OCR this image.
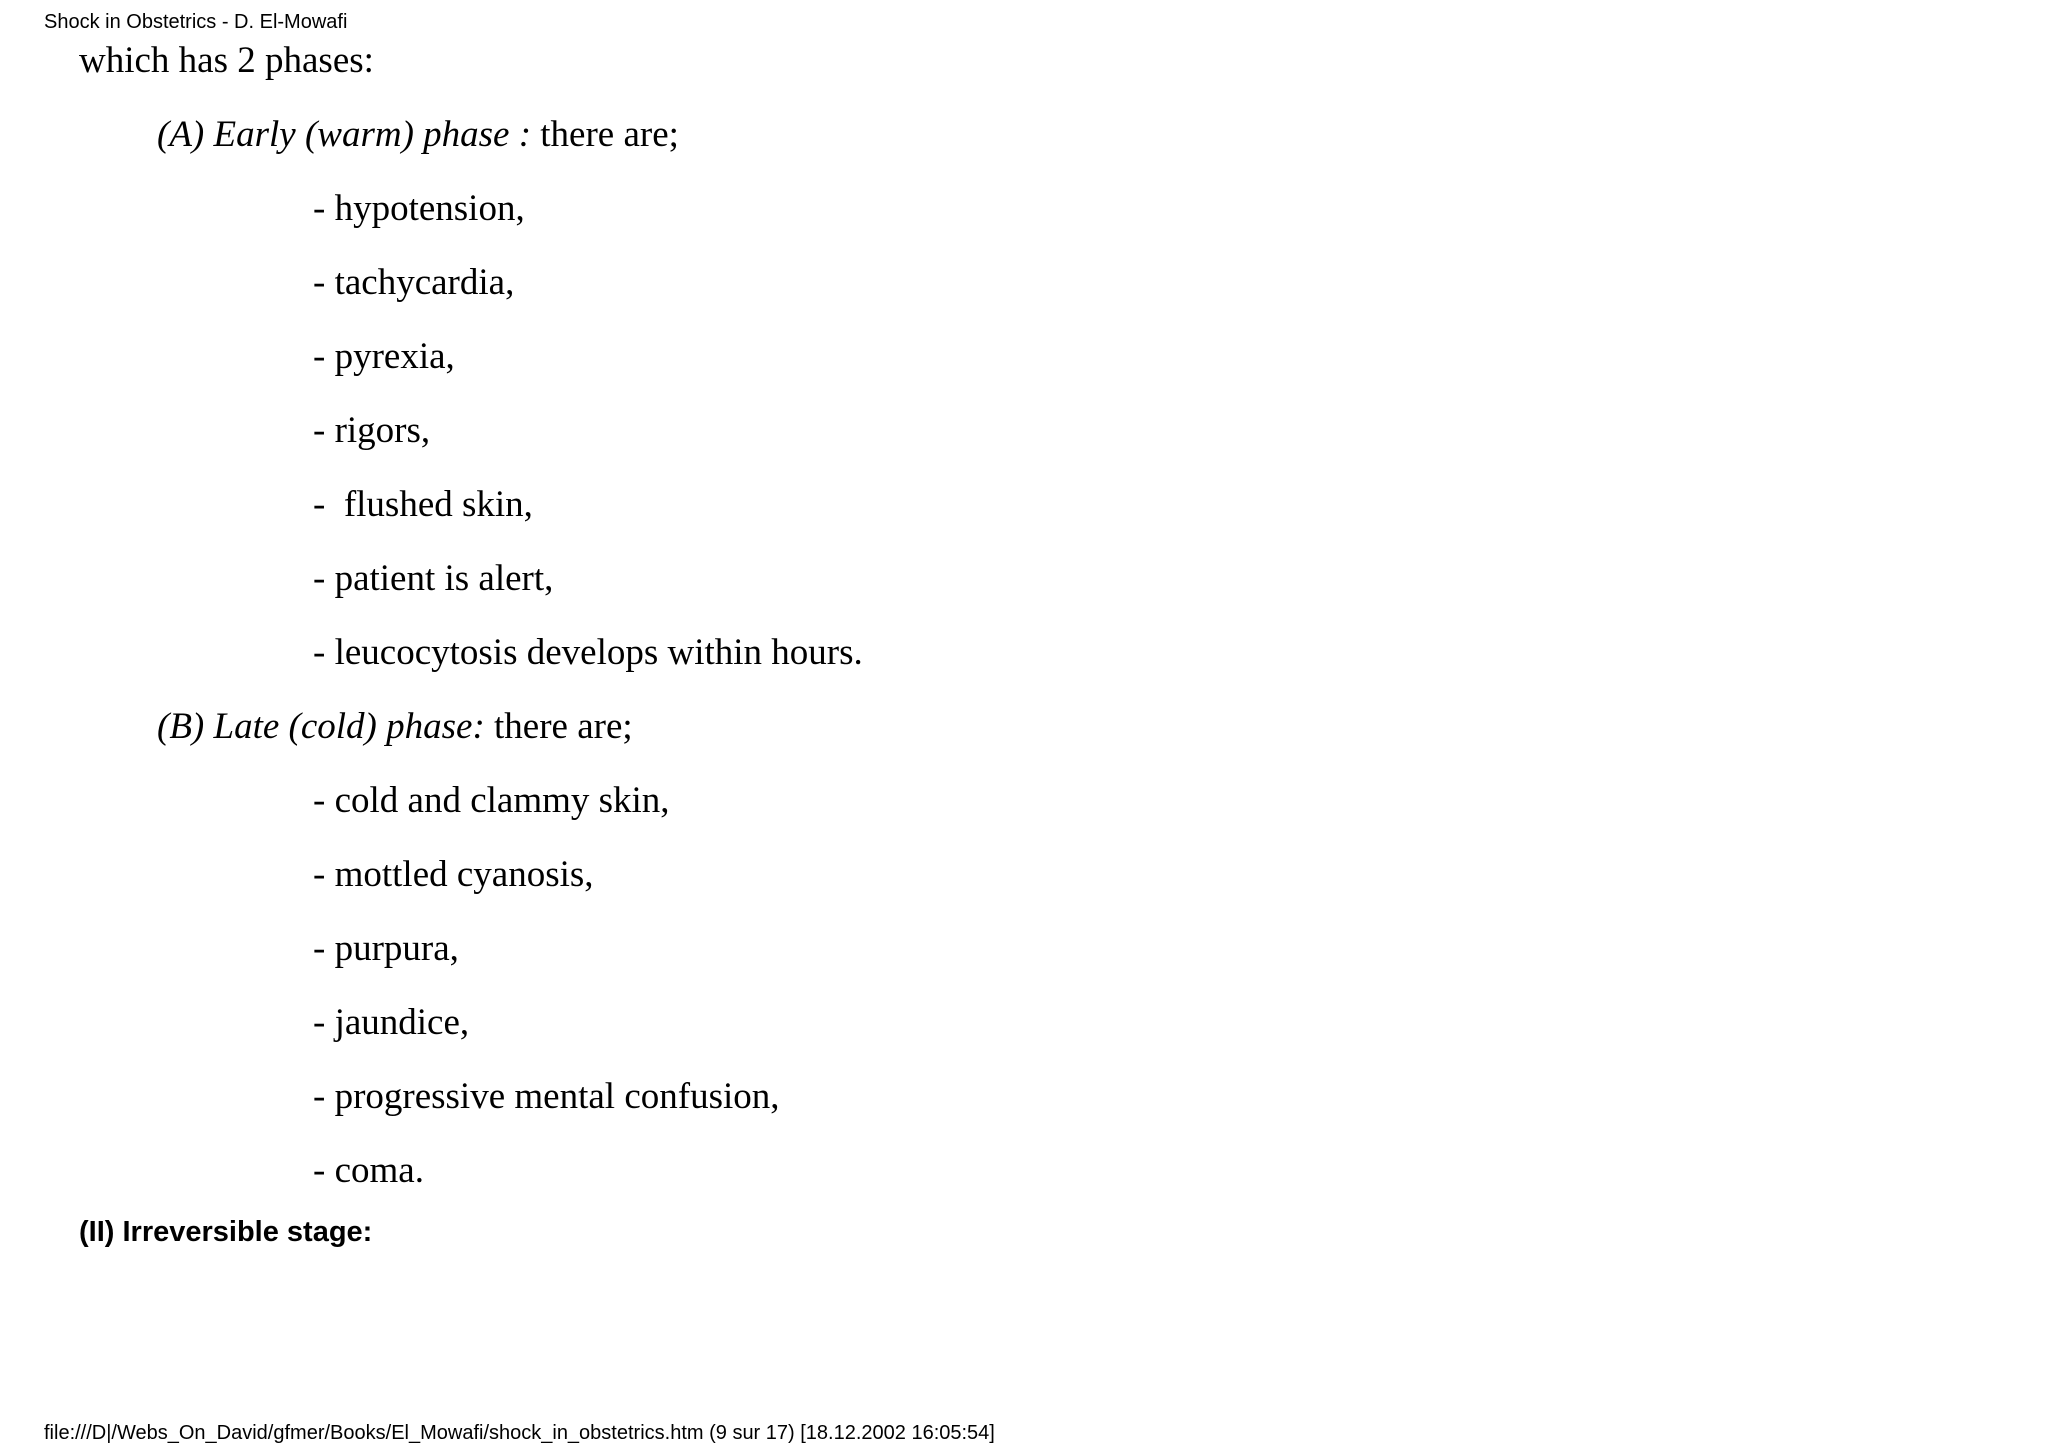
Shock in Obstetrics - D. El-Mowafi
which has 2 phases:
(A) Early (warm) phase : there are;
- hypotension,
- tachycardia,
- pyrexia,
- rigors,
-  flushed skin,
- patient is alert,
- leucocytosis develops within hours.
(B) Late (cold) phase: there are;
- cold and clammy skin,
- mottled cyanosis,
- purpura,
- jaundice,
- progressive mental confusion,
- coma.
(II) Irreversible stage:
file:///D|/Webs_On_David/gfmer/Books/El_Mowafi/shock_in_obstetrics.htm (9 sur 17) [18.12.2002 16:05:54]
